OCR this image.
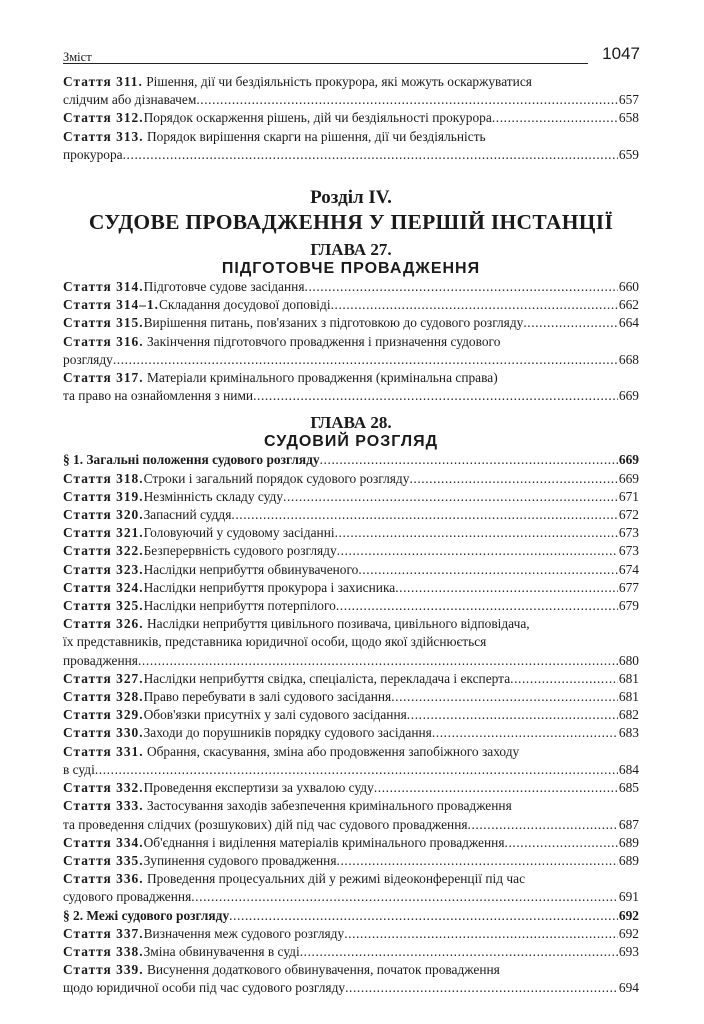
Зміст	1047
Стаття 311. Рішення, дії чи бездіяльність прокурора, які можуть оскаржуватися
слідчим або дізнавачем .....	657
Стаття 312. Порядок оскарження рішень, дій чи бездіяльності прокурора .....	658
Стаття 313. Порядок вирішення скарги на рішення, дії чи бездіяльність
прокурора .....	659
Розділ IV.
СУДОВЕ ПРОВАДЖЕННЯ У ПЕРШІЙ ІНСТАНЦІЇ
ГЛАВА 27.
ПІДГОТОВЧЕ ПРОВАДЖЕННЯ
Стаття 314. Підготовче судове засідання .....	660
Стаття 314–1. Складання досудової доповіді .....	662
Стаття 315. Вирішення питань, пов'язаних з підготовкою до судового розгляду .....	664
Стаття 316. Закінчення підготовчого провадження і призначення судового
розгляду .....	668
Стаття 317. Матеріали кримінального провадження (кримінальна справа)
та право на ознайомлення з ними .....	669
ГЛАВА 28.
СУДОВИЙ РОЗГЛЯД
§ 1. Загальні положення судового розгляду .....	669
Стаття 318. Строки і загальний порядок судового розгляду .....	669
Стаття 319. Незмінність складу суду .....	671
Стаття 320. Запасний суддя .....	672
Стаття 321. Головуючий у судовому засіданні .....	673
Стаття 322. Безперервність судового розгляду .....	673
Стаття 323. Наслідки неприбуття обвинуваченого .....	674
Стаття 324. Наслідки неприбуття прокурора і захисника .....	677
Стаття 325. Наслідки неприбуття потерпілого .....	679
Стаття 326. Наслідки неприбуття цивільного позивача, цивільного відповідача,
їх представників, представника юридичної особи, щодо якої здійснюється
провадження .....	680
Стаття 327. Наслідки неприбуття свідка, спеціаліста, перекладача і експерта .....	681
Стаття 328. Право перебувати в залі судового засідання .....	681
Стаття 329. Обов'язки присутніх у залі судового засідання .....	682
Стаття 330. Заходи до порушників порядку судового засідання .....	683
Стаття 331. Обрання, скасування, зміна або продовження запобіжного заходу
в суді .....	684
Стаття 332. Проведення експертизи за ухвалою суду .....	685
Стаття 333. Застосування заходів забезпечення кримінального провадження
та проведення слідчих (розшукових) дій під час судового провадження .....	687
Стаття 334. Об'єднання і виділення матеріалів кримінального провадження .....	689
Стаття 335. Зупинення судового провадження .....	689
Стаття 336. Проведення процесуальних дій у режимі відеоконференції під час
судового провадження .....	691
§ 2. Межі судового розгляду .....	692
Стаття 337. Визначення меж судового розгляду .....	692
Стаття 338. Зміна обвинувачення в суді .....	693
Стаття 339. Висунення додаткового обвинувачення, початок провадження
щодо юридичної особи під час судового розгляду .....	694
